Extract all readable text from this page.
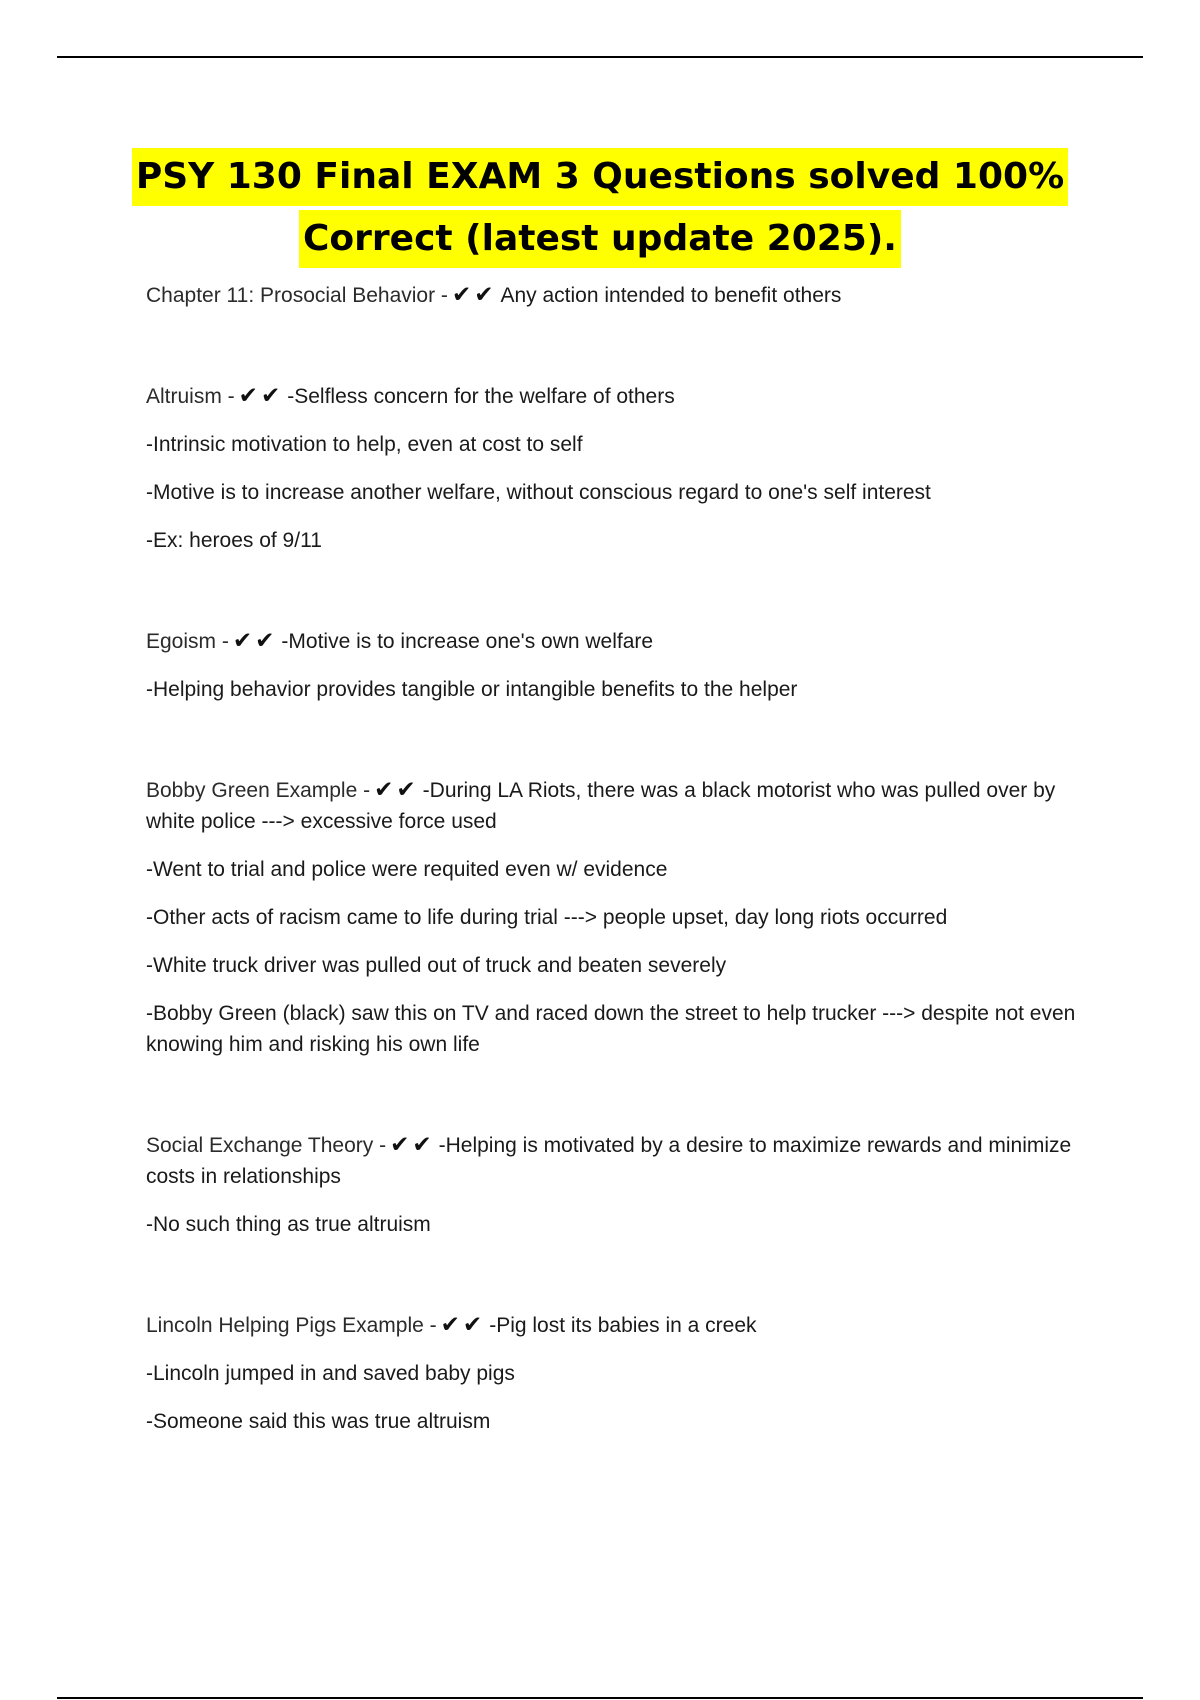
PSY 130 Final EXAM 3 Questions solved 100%
Correct (latest update 2025).

Chapter 11: Prosocial Behavior - ✔✔ Any action intended to benefit others

Altruism - ✔✔ -Selfless concern for the welfare of others

-Intrinsic motivation to help, even at cost to self

-Motive is to increase another welfare, without conscious regard to one's self interest

-Ex: heroes of 9/11

Egoism - ✔✔ -Motive is to increase one's own welfare

-Helping behavior provides tangible or intangible benefits to the helper

Bobby Green Example - ✔✔ -During LA Riots, there was a black motorist who was pulled over by white police ---> excessive force used

-Went to trial and police were requited even w/ evidence

-Other acts of racism came to life during trial ---> people upset, day long riots occurred

-White truck driver was pulled out of truck and beaten severely

-Bobby Green (black) saw this on TV and raced down the street to help trucker ---> despite not even knowing him and risking his own life

Social Exchange Theory - ✔✔ -Helping is motivated by a desire to maximize rewards and minimize costs in relationships

-No such thing as true altruism

Lincoln Helping Pigs Example - ✔✔ -Pig lost its babies in a creek

-Lincoln jumped in and saved baby pigs

-Someone said this was true altruism
